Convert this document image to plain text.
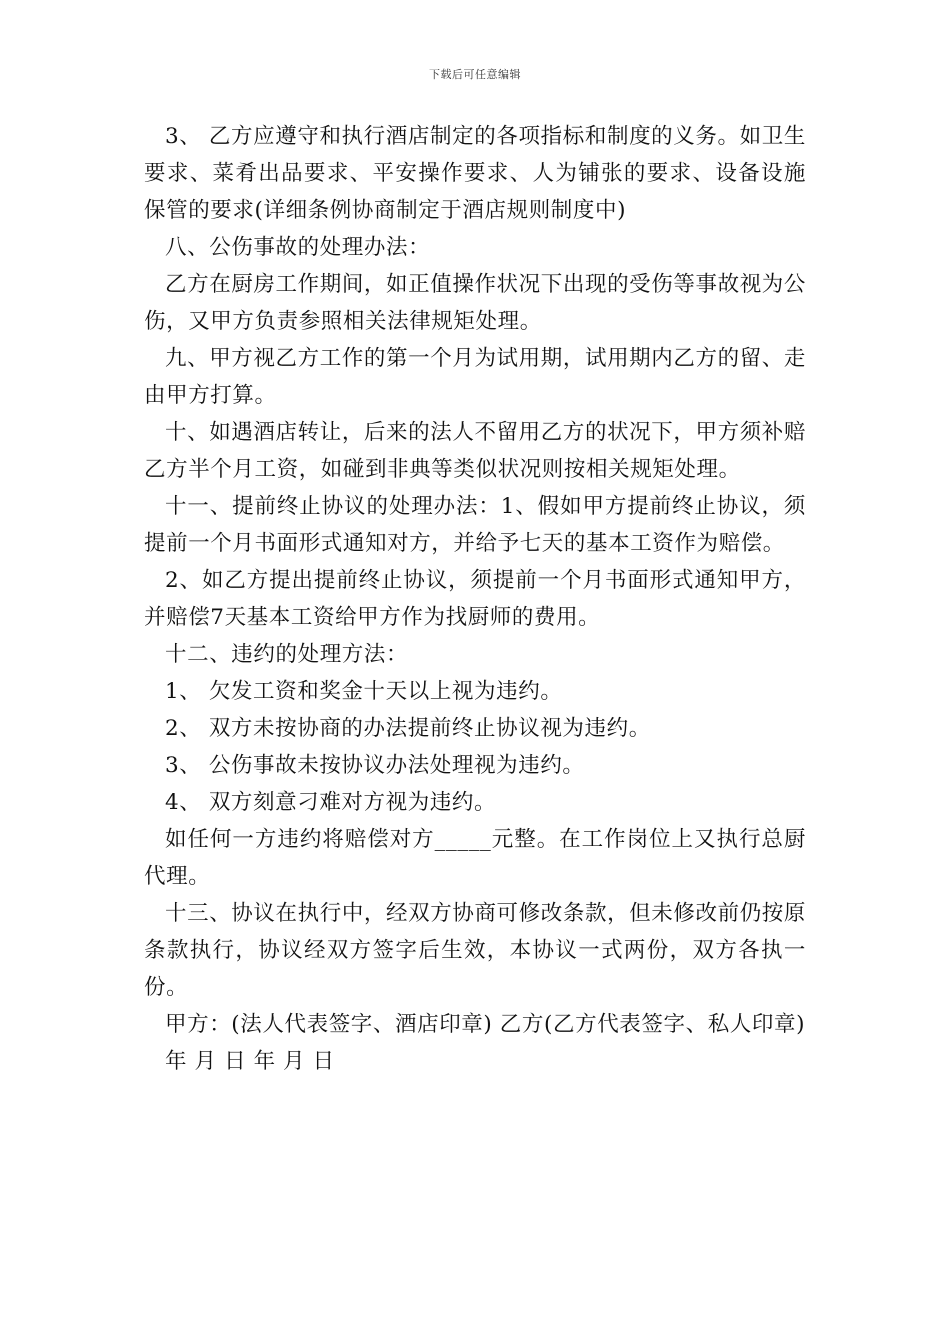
下载后可任意编辑

3、 乙方应遵守和执行酒店制定的各项指标和制度的义务。如卫生要求、菜肴出品要求、平安操作要求、人为铺张的要求、设备设施保管的要求(详细条例协商制定于酒店规则制度中)

八、公伤事故的处理办法：

乙方在厨房工作期间，如正值操作状况下出现的受伤等事故视为公伤，又甲方负责参照相关法律规矩处理。

九、甲方视乙方工作的第一个月为试用期，试用期内乙方的留、走由甲方打算。

十、如遇酒店转让，后来的法人不留用乙方的状况下，甲方须补赔乙方半个月工资，如碰到非典等类似状况则按相关规矩处理。

十一、提前终止协议的处理办法：1、假如甲方提前终止协议，须提前一个月书面形式通知对方，并给予七天的基本工资作为赔偿。

2、如乙方提出提前终止协议，须提前一个月书面形式通知甲方，并赔偿7天基本工资给甲方作为找厨师的费用。

十二、违约的处理方法：

1、 欠发工资和奖金十天以上视为违约。

2、 双方未按协商的办法提前终止协议视为违约。

3、 公伤事故未按协议办法处理视为违约。

4、 双方刻意刁难对方视为违约。

如任何一方违约将赔偿对方_____元整。在工作岗位上又执行总厨代理。

十三、协议在执行中，经双方协商可修改条款，但未修改前仍按原条款执行，协议经双方签字后生效，本协议一式两份，双方各执一份。

甲方：(法人代表签字、酒店印章) 乙方(乙方代表签字、私人印章)

年 月 日 年 月 日
